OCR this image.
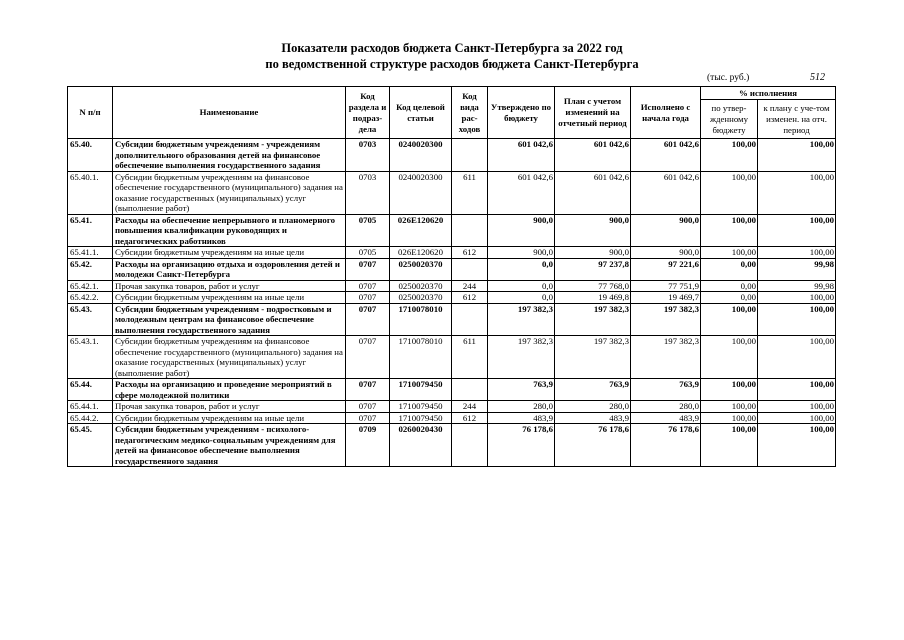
Показатели расходов бюджета Санкт-Петербурга за 2022 год
по ведомственной структуре расходов бюджета Санкт-Петербурга
(тыс. руб.)	512
N п/п	Наименование	Код раздела и подраз-дела	Код целевой статьи	Код вида рас-ходов	Утверждено по бюджету	План с учетом изменений на отчетный период	Исполнено с начала года	% исполнения	
								по утвер-жденному бюджету	к плану с уче-том изменен. на отч. период
65.40.	Субсидии бюджетным учреждениям - учреждениям дополнительного образования детей на финансовое обеспечение выполнения государственного задания	0703	0240020300		601 042,6	601 042,6	601 042,6	100,00	100,00
65.40.1.	Субсидии бюджетным учреждениям на финансовое обеспечение государственного (муниципального) задания на оказание государственных (муниципальных) услуг (выполнение работ)	0703	0240020300	611	601 042,6	601 042,6	601 042,6	100,00	100,00
65.41.	Расходы на обеспечение непрерывного и планомерного повышения квалификации руководящих и педагогических работников	0705	026Е120620		900,0	900,0	900,0	100,00	100,00
65.41.1.	Субсидии бюджетным учреждениям на иные цели	0705	026Е120620	612	900,0	900,0	900,0	100,00	100,00
65.42.	Расходы на организацию отдыха и оздоровления детей и молодежи Санкт-Петербурга	0707	0250020370		0,0	97 237,8	97 221,6	0,00	99,98
65.42.1.	Прочая закупка товаров, работ и услуг	0707	0250020370	244	0,0	77 768,0	77 751,9	0,00	99,98
65.42.2.	Субсидии бюджетным учреждениям на иные цели	0707	0250020370	612	0,0	19 469,8	19 469,7	0,00	100,00
65.43.	Субсидии бюджетным учреждениям - подростковым и молодежным центрам на финансовое обеспечение выполнения государственного задания	0707	1710078010		197 382,3	197 382,3	197 382,3	100,00	100,00
65.43.1.	Субсидии бюджетным учреждениям на финансовое обеспечение государственного (муниципального) задания на оказание государственных (муниципальных) услуг (выполнение работ)	0707	1710078010	611	197 382,3	197 382,3	197 382,3	100,00	100,00
65.44.	Расходы на организацию и проведение мероприятий в сфере молодежной политики	0707	1710079450		763,9	763,9	763,9	100,00	100,00
65.44.1.	Прочая закупка товаров, работ и услуг	0707	1710079450	244	280,0	280,0	280,0	100,00	100,00
65.44.2.	Субсидии бюджетным учреждениям на иные цели	0707	1710079450	612	483,9	483,9	483,9	100,00	100,00
65.45.	Субсидии бюджетным учреждениям - психолого-педагогическим медико-социальным учреждениям для детей на финансовое обеспечение выполнения государственного задания	0709	0260020430		76 178,6	76 178,6	76 178,6	100,00	100,00
